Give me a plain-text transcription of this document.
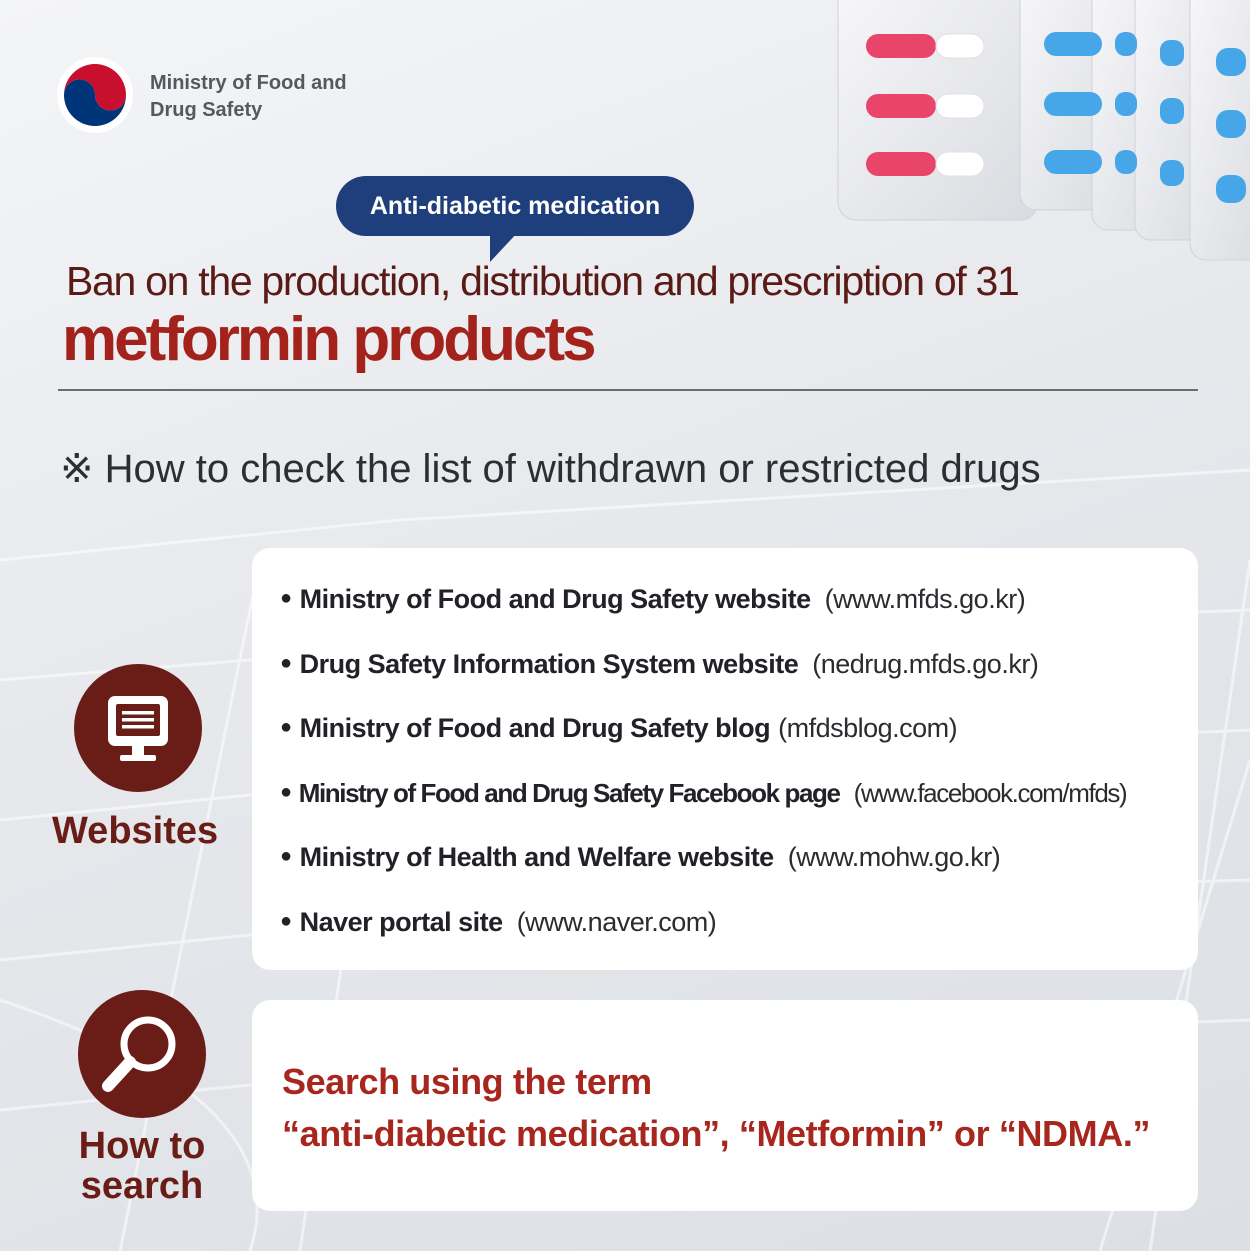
Ministry of Food and
Drug Safety
Anti-diabetic medication
Ban on the production, distribution and prescription of 31
metformin products
※ How to check the list of withdrawn or restricted drugs
Websites
● Ministry of Food and Drug Safety website (www.mfds.go.kr)
● Drug Safety Information System website (nedrug.mfds.go.kr)
● Ministry of Food and Drug Safety blog (mfdsblog.com)
● Ministry of Food and Drug Safety Facebook page (www.facebook.com/mfds)
● Ministry of Health and Welfare website (www.mohw.go.kr)
● Naver portal site (www.naver.com)
How to
search
Search using the term
“anti-diabetic medication”, “Metformin” or “NDMA.”
